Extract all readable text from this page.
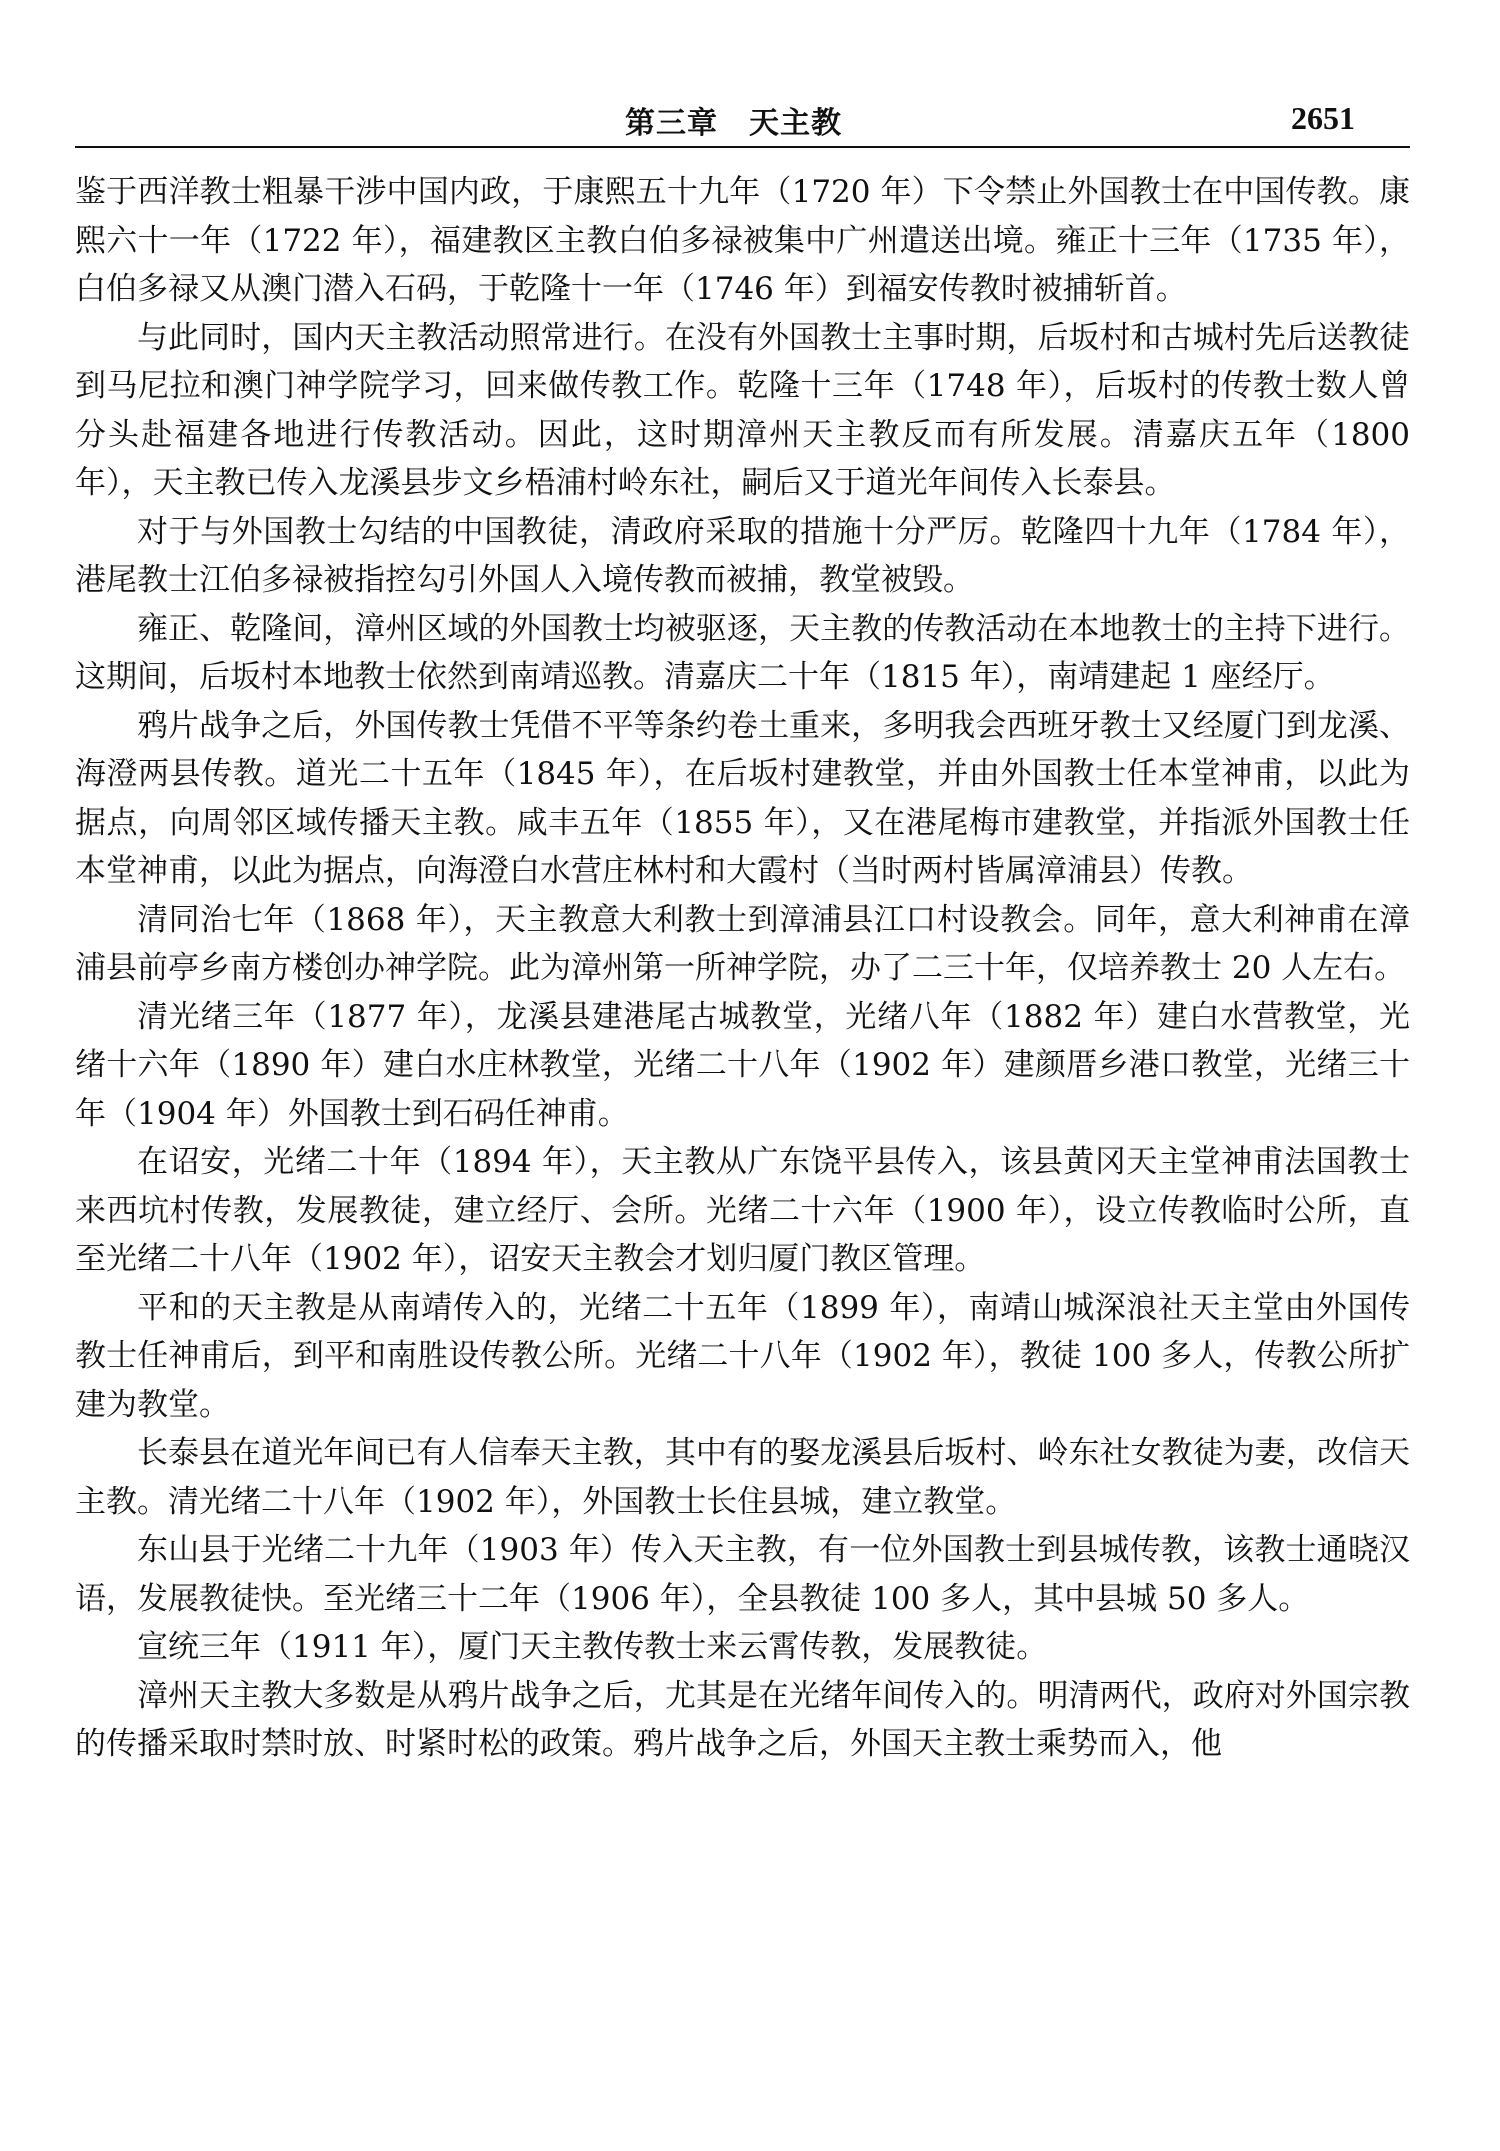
第三章　天主教	2651

鉴于西洋教士粗暴干涉中国内政，于康熙五十九年（1720 年）下令禁止外国教士在中国传教。康熙六十一年（1722 年），福建教区主教白伯多禄被集中广州遣送出境。雍正十三年（1735 年），白伯多禄又从澳门潜入石码，于乾隆十一年（1746 年）到福安传教时被捕斩首。

与此同时，国内天主教活动照常进行。在没有外国教士主事时期，后坂村和古城村先后送教徒到马尼拉和澳门神学院学习，回来做传教工作。乾隆十三年（1748 年），后坂村的传教士数人曾分头赴福建各地进行传教活动。因此，这时期漳州天主教反而有所发展。清嘉庆五年（1800 年），天主教已传入龙溪县步文乡梧浦村岭东社，嗣后又于道光年间传入长泰县。

对于与外国教士勾结的中国教徒，清政府采取的措施十分严厉。乾隆四十九年（1784 年），港尾教士江伯多禄被指控勾引外国人入境传教而被捕，教堂被毁。

雍正、乾隆间，漳州区域的外国教士均被驱逐，天主教的传教活动在本地教士的主持下进行。这期间，后坂村本地教士依然到南靖巡教。清嘉庆二十年（1815 年），南靖建起 1 座经厅。

鸦片战争之后，外国传教士凭借不平等条约卷土重来，多明我会西班牙教士又经厦门到龙溪、海澄两县传教。道光二十五年（1845 年），在后坂村建教堂，并由外国教士任本堂神甫，以此为据点，向周邻区域传播天主教。咸丰五年（1855 年），又在港尾梅市建教堂，并指派外国教士任本堂神甫，以此为据点，向海澄白水营庄林村和大霞村（当时两村皆属漳浦县）传教。

清同治七年（1868 年），天主教意大利教士到漳浦县江口村设教会。同年，意大利神甫在漳浦县前亭乡南方楼创办神学院。此为漳州第一所神学院，办了二三十年，仅培养教士 20 人左右。

清光绪三年（1877 年），龙溪县建港尾古城教堂，光绪八年（1882 年）建白水营教堂，光绪十六年（1890 年）建白水庄林教堂，光绪二十八年（1902 年）建颜厝乡港口教堂，光绪三十年（1904 年）外国教士到石码任神甫。

在诏安，光绪二十年（1894 年），天主教从广东饶平县传入，该县黄冈天主堂神甫法国教士来西坑村传教，发展教徒，建立经厅、会所。光绪二十六年（1900 年），设立传教临时公所，直至光绪二十八年（1902 年），诏安天主教会才划归厦门教区管理。

平和的天主教是从南靖传入的，光绪二十五年（1899 年），南靖山城深浪社天主堂由外国传教士任神甫后，到平和南胜设传教公所。光绪二十八年（1902 年），教徒 100 多人，传教公所扩建为教堂。

长泰县在道光年间已有人信奉天主教，其中有的娶龙溪县后坂村、岭东社女教徒为妻，改信天主教。清光绪二十八年（1902 年），外国教士长住县城，建立教堂。

东山县于光绪二十九年（1903 年）传入天主教，有一位外国教士到县城传教，该教士通晓汉语，发展教徒快。至光绪三十二年（1906 年），全县教徒 100 多人，其中县城 50 多人。

宣统三年（1911 年），厦门天主教传教士来云霄传教，发展教徒。

漳州天主教大多数是从鸦片战争之后，尤其是在光绪年间传入的。明清两代，政府对外国宗教的传播采取时禁时放、时紧时松的政策。鸦片战争之后，外国天主教士乘势而入，他
